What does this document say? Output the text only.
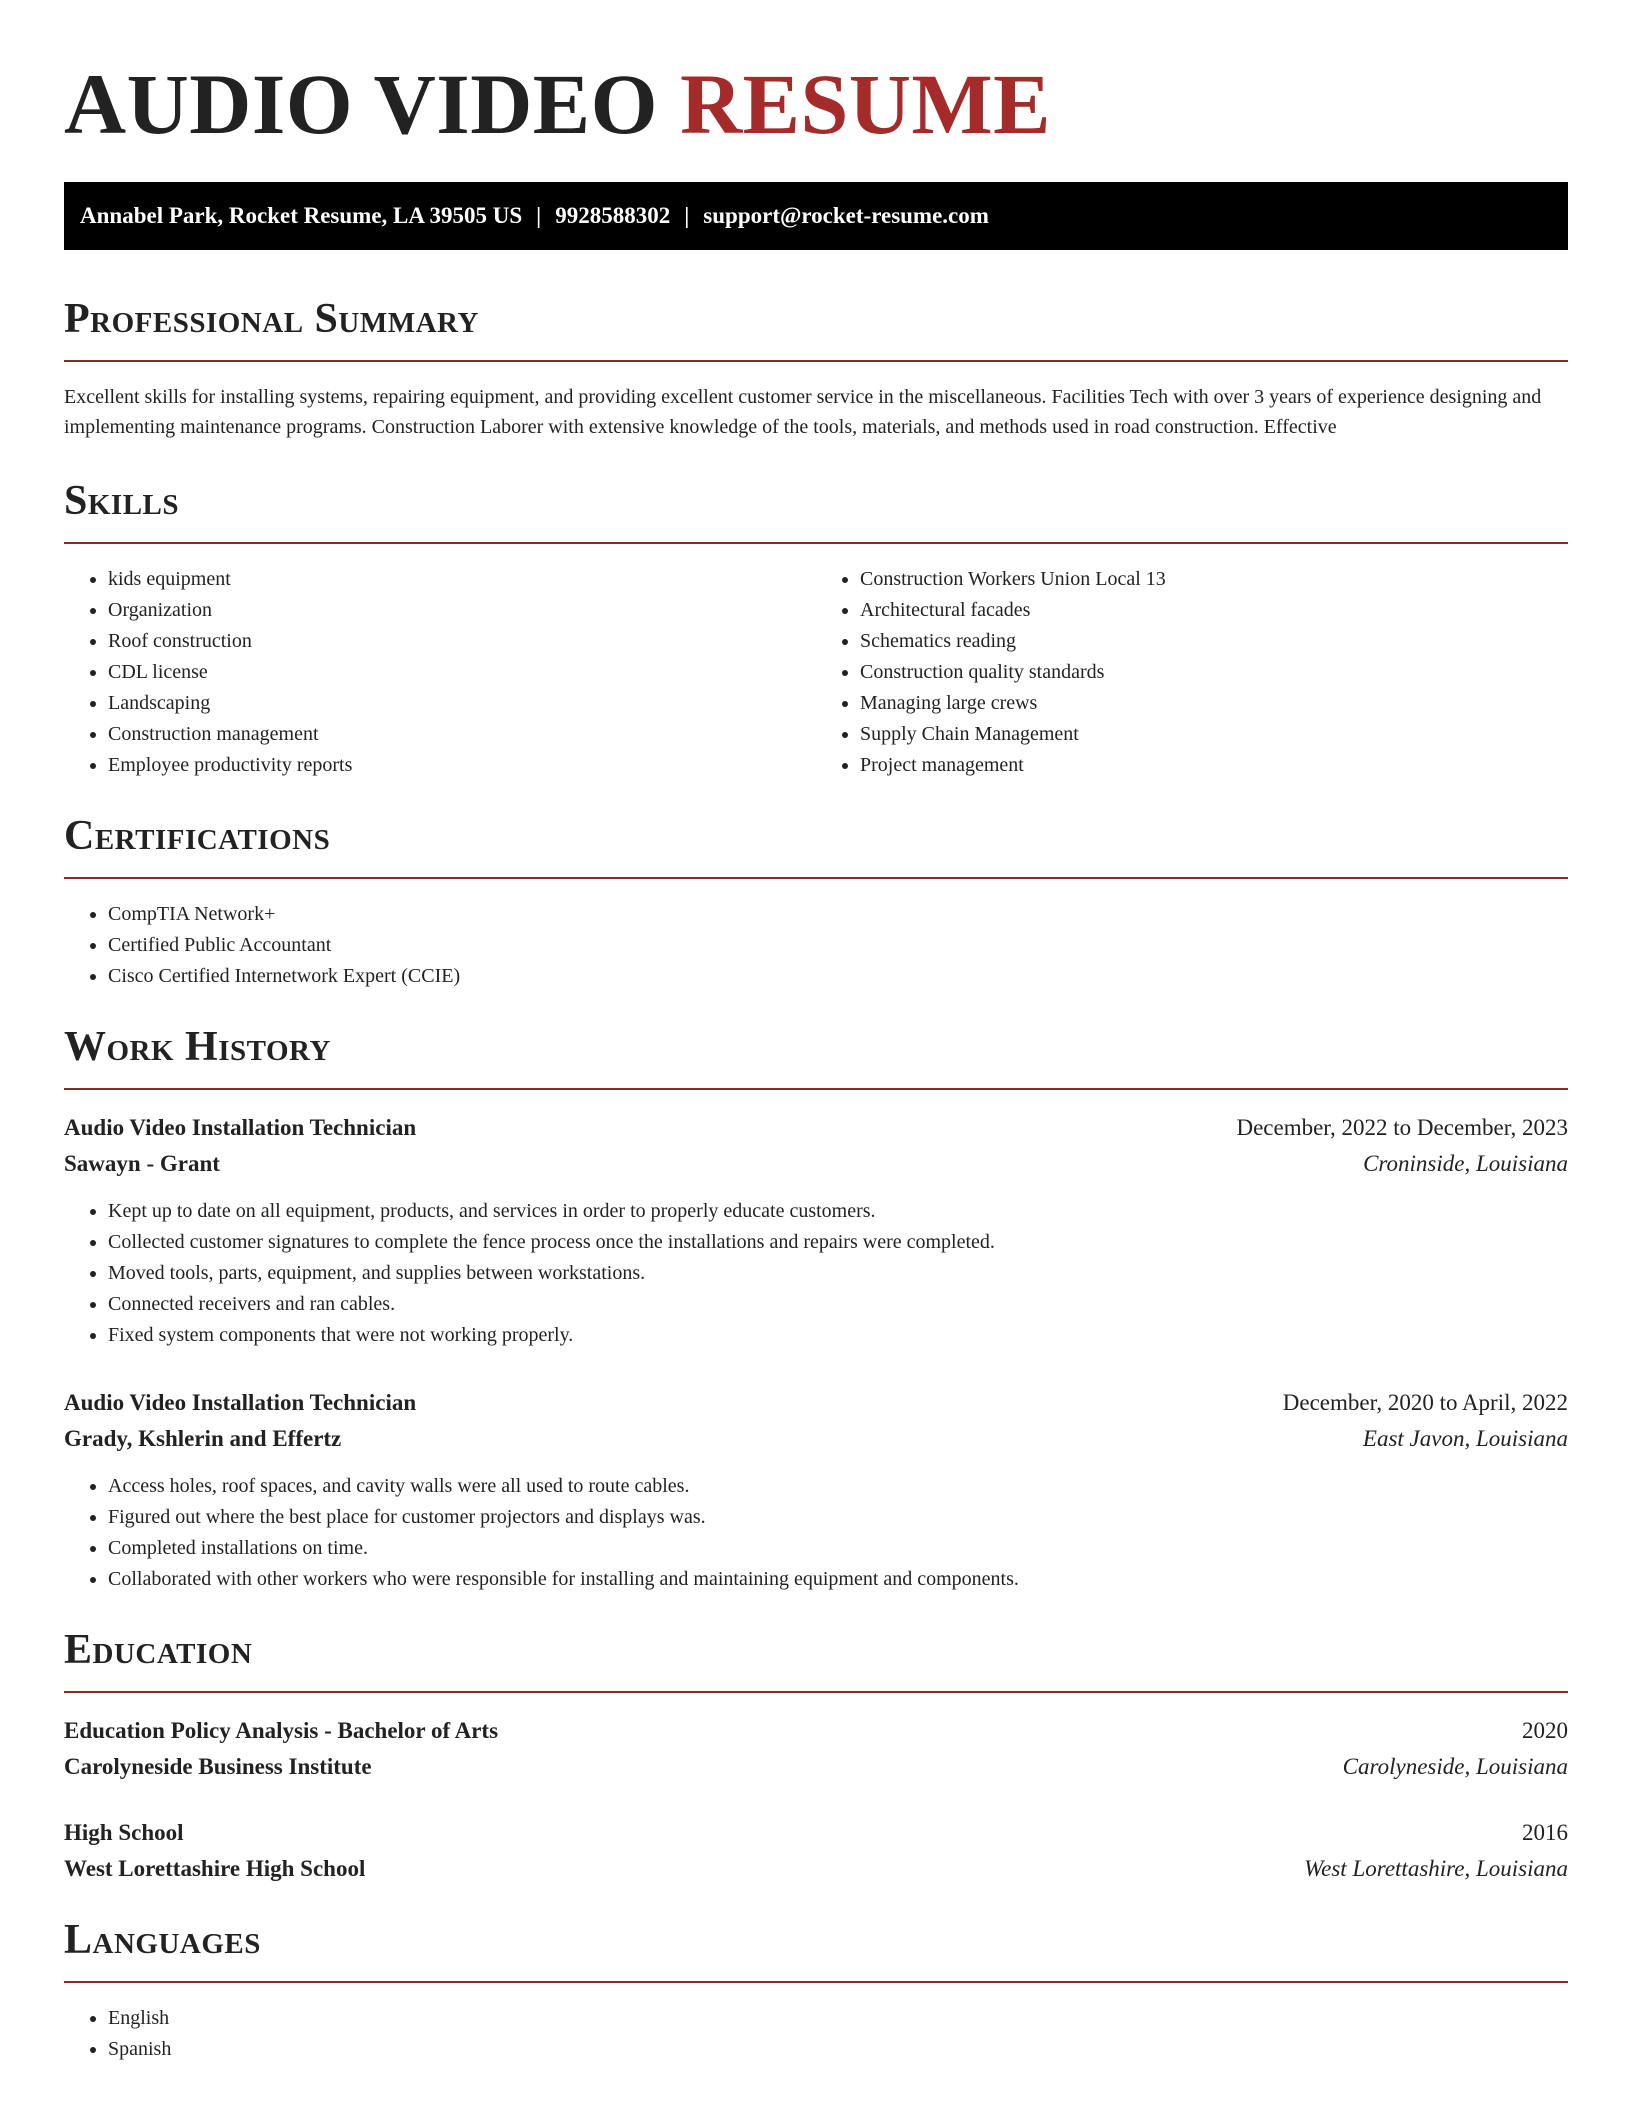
AUDIO VIDEO RESUME
Annabel Park, Rocket Resume, LA 39505 US | 9928588302 | support@rocket-resume.com
Professional Summary

Excellent skills for installing systems, repairing equipment, and providing excellent customer service in the miscellaneous. Facilities Tech with over 3 years of experience designing and implementing maintenance programs. Construction Laborer with extensive knowledge of the tools, materials, and methods used in road construction. Effective

Skills
• kids equipment
• Organization
• Roof construction
• CDL license
• Landscaping
• Construction management
• Employee productivity reports
• Construction Workers Union Local 13
• Architectural facades
• Schematics reading
• Construction quality standards
• Managing large crews
• Supply Chain Management
• Project management
Certifications
• CompTIA Network+
• Certified Public Accountant
• Cisco Certified Internetwork Expert (CCIE)
Work History
Audio Video Installation Technician	December, 2022 to December, 2023
Sawayn - Grant	Croninside, Louisiana
• Kept up to date on all equipment, products, and services in order to properly educate customers.
• Collected customer signatures to complete the fence process once the installations and repairs were completed.
• Moved tools, parts, equipment, and supplies between workstations.
• Connected receivers and ran cables.
• Fixed system components that were not working properly.
Audio Video Installation Technician	December, 2020 to April, 2022
Grady, Kshlerin and Effertz	East Javon, Louisiana
• Access holes, roof spaces, and cavity walls were all used to route cables.
• Figured out where the best place for customer projectors and displays was.
• Completed installations on time.
• Collaborated with other workers who were responsible for installing and maintaining equipment and components.
Education
Education Policy Analysis - Bachelor of Arts	2020
Carolyneside Business Institute	Carolyneside, Louisiana
High School	2016
West Lorettashire High School	West Lorettashire, Louisiana
Languages
• English
• Spanish
